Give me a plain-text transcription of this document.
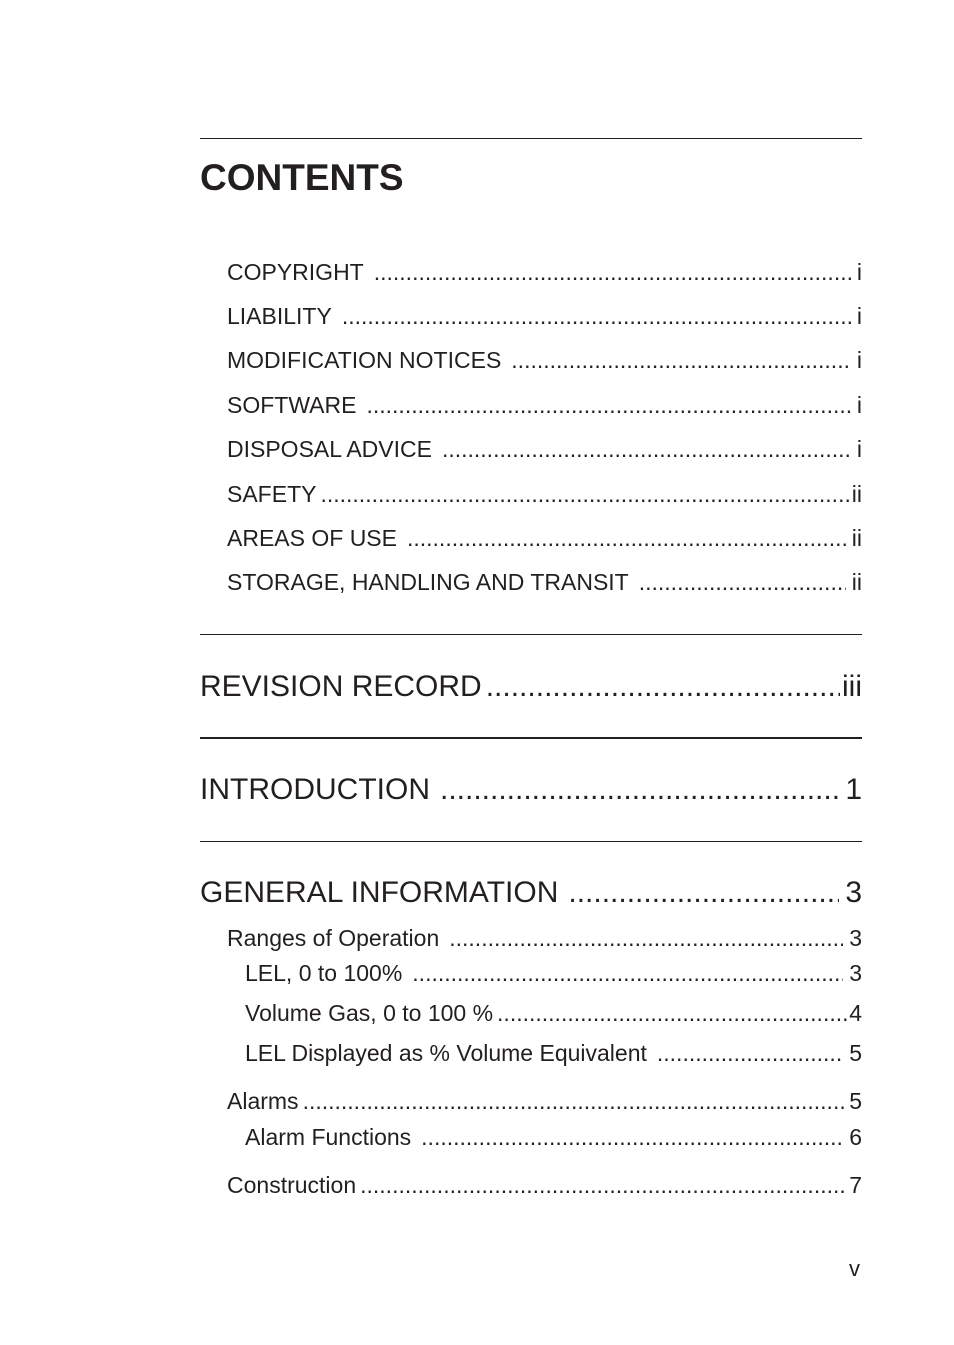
CONTENTS
COPYRIGHT .....	i
LIABILITY .....	i
MODIFICATION NOTICES .....	i
SOFTWARE .....	i
DISPOSAL ADVICE .....	i
SAFETY .....	ii
AREAS OF USE .....	ii
STORAGE, HANDLING AND TRANSIT .....	ii
REVISION RECORD .....	iii
INTRODUCTION .....	1
GENERAL INFORMATION .....	3
Ranges of Operation .....	3
LEL, 0 to 100% .....	3
Volume Gas, 0 to 100 % .....	4
LEL Displayed as % Volume Equivalent .....	5
Alarms .....	5
Alarm Functions .....	6
Construction .....	7
v
